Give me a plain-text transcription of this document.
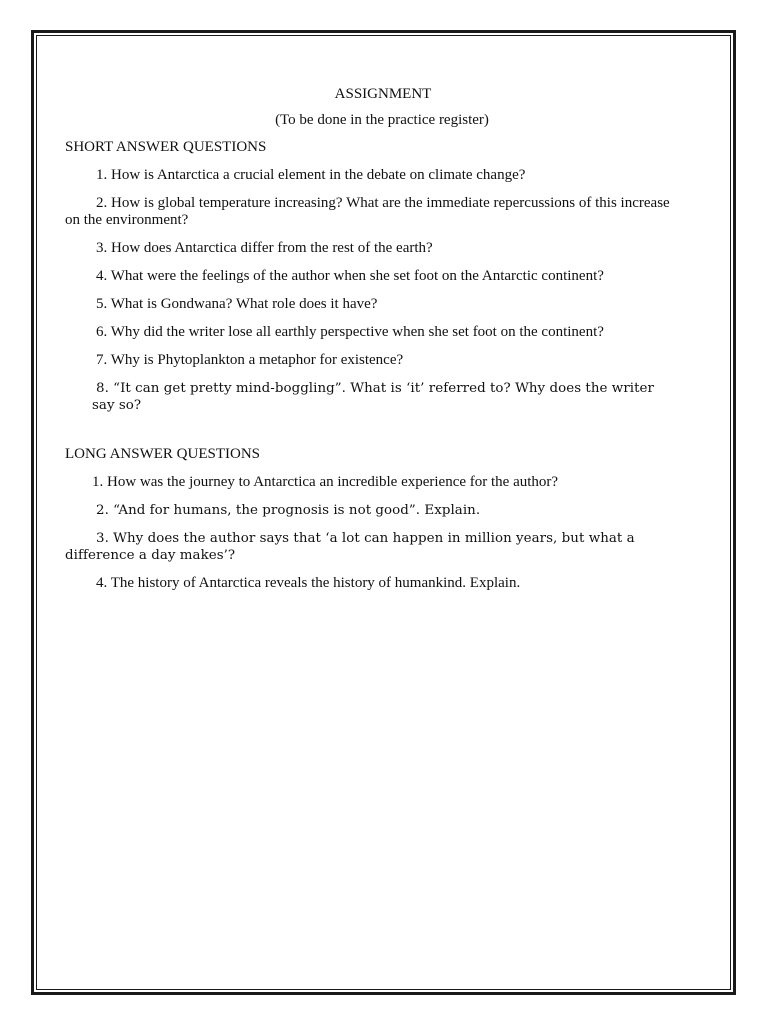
ASSIGNMENT
(To be done in the practice register)
SHORT ANSWER QUESTIONS
1. How is Antarctica a crucial element in the debate on climate change?
2. How is global temperature increasing? What are the immediate repercussions of this increase on the environment?
3. How does Antarctica differ from the rest of the earth?
4. What were the feelings of the author when she set foot on the Antarctic continent?
5. What is Gondwana? What role does it have?
6. Why did the writer lose all earthly perspective when she set foot on the continent?
7. Why is Phytoplankton a metaphor for existence?
8. “It can get pretty mind-boggling”. What is ‘it’ referred to? Why does the writer say so?
LONG ANSWER QUESTIONS
1. How was the journey to Antarctica an incredible experience for the author?
2. “And for humans, the prognosis is not good”. Explain.
3. Why does the author says that ‘a lot can happen in million years, but what a difference a day makes’?
4. The history of Antarctica reveals the history of humankind. Explain.
